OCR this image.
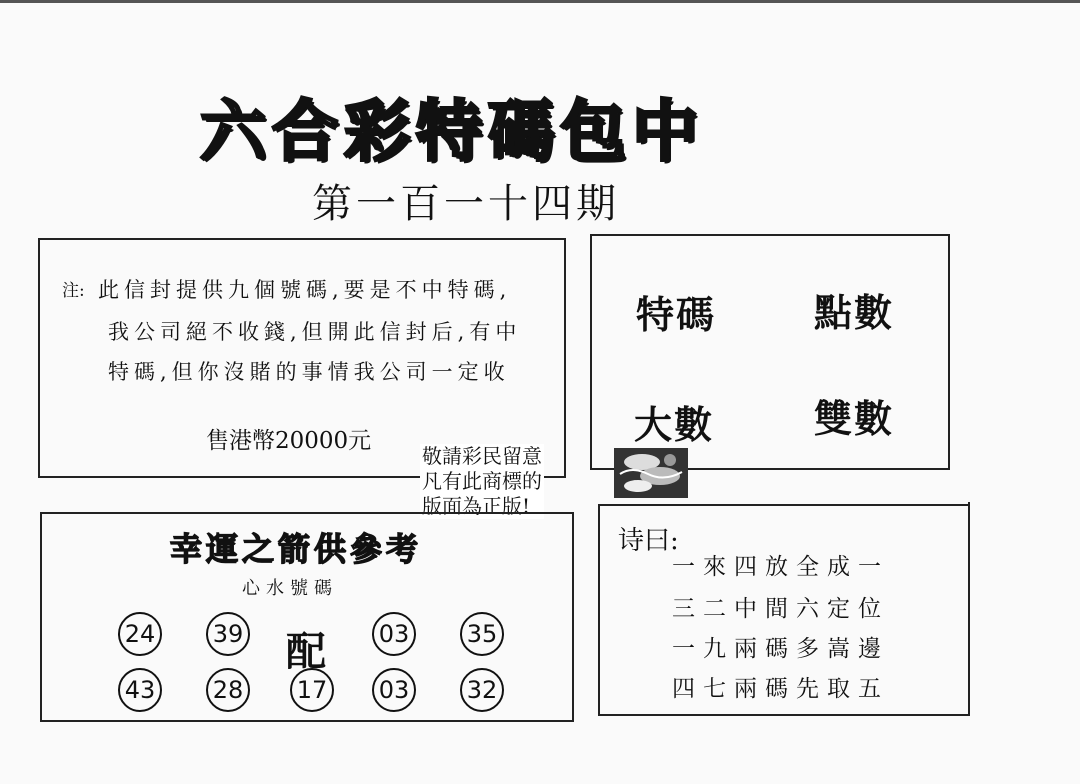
六合彩特碼包中
第一百一十四期
注: 此信封提供九個號碼,要是不中特碼,
我公司絕不收錢,但開此信封后,有中
特碼,但你沒賭的事情我公司一定收
售港幣20000元
特碼	點數
大數	雙數
敬請彩民留意
凡有此商標的
版面為正版!
幸運之箭供參考
心水號碼
24 39 配 03 35
43 28 17 03 32
诗曰:
一來四放全成一
三二中間六定位
一九兩碼多嵩邊
四七兩碼先取五
